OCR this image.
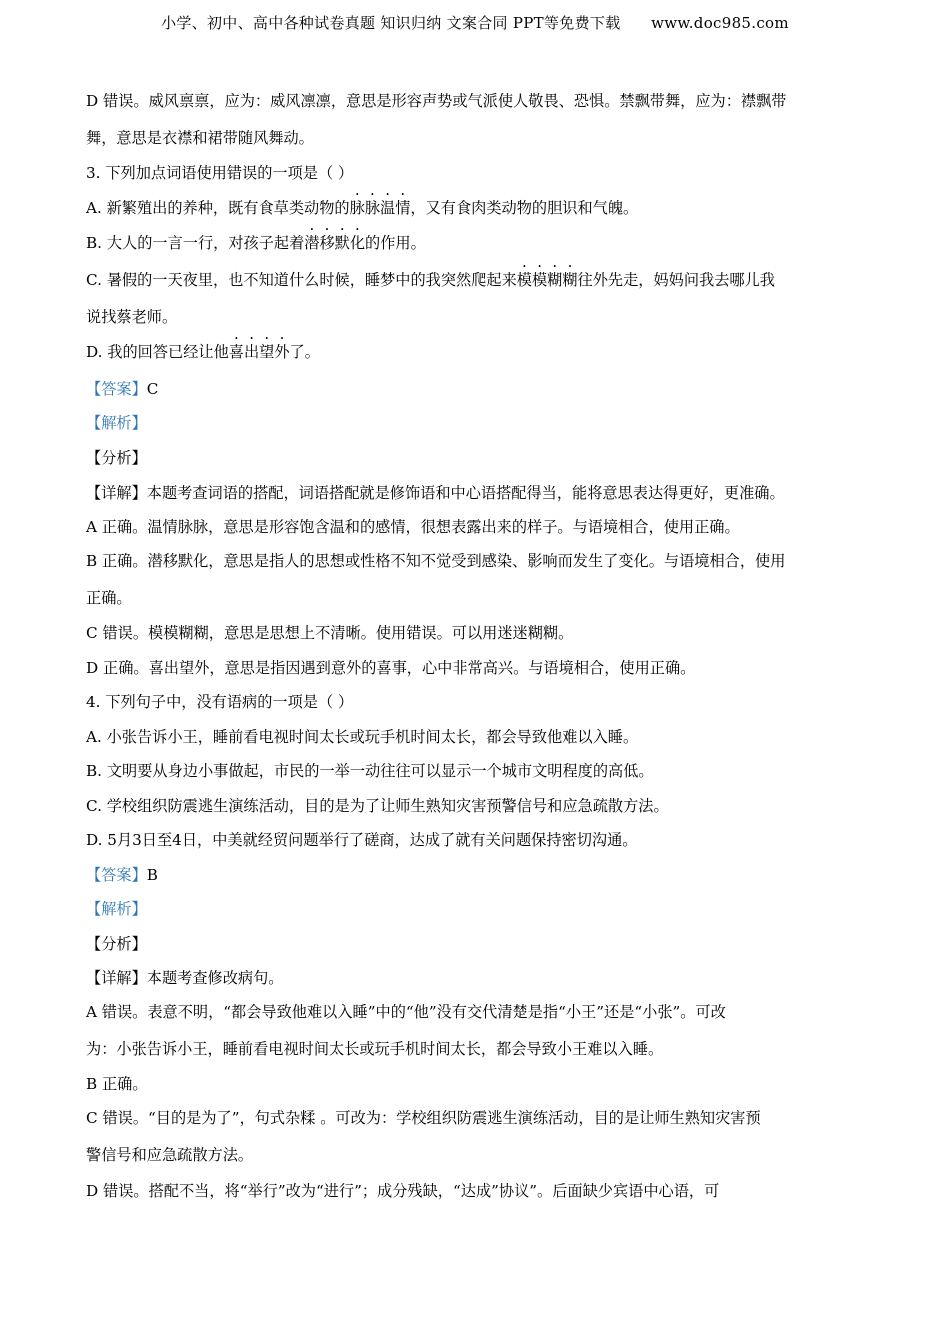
小学、初中、高中各种试卷真题 知识归纳 文案合同 PPT等免费下载　　www.doc985.com
D 错误。威风禀禀，应为：威风凛凛，意思是形容声势或气派使人敬畏、恐惧。禁飘带舞，应为：襟飘带
舞，意思是衣襟和裙带随风舞动。
3. 下列加点词语使用错误的一项是（ ）
A. 新繁殖出的养种，既有食草类动物的脉脉温情，又有食肉类动物的胆识和气魄。
B. 大人的一言一行，对孩子起着潜移默化的作用。
C. 暑假的一天夜里，也不知道什么时候，睡梦中的我突然爬起来模模糊糊往外先走，妈妈问我去哪儿我
说找蔡老师。
D. 我的回答已经让他喜出望外了。
【答案】C
【解析】
【分析】
【详解】本题考查词语的搭配，词语搭配就是修饰语和中心语搭配得当，能将意思表达得更好，更准确。
A 正确。温情脉脉，意思是形容饱含温和的感情，很想表露出来的样子。与语境相合，使用正确。
B 正确。潜移默化，意思是指人的思想或性格不知不觉受到感染、影响而发生了变化。与语境相合，使用
正确。
C 错误。模模糊糊，意思是思想上不清晰。使用错误。可以用迷迷糊糊。
D 正确。喜出望外，意思是指因遇到意外的喜事，心中非常高兴。与语境相合，使用正确。
4. 下列句子中，没有语病的一项是（ ）
A. 小张告诉小王，睡前看电视时间太长或玩手机时间太长，都会导致他难以入睡。
B. 文明要从身边小事做起，市民的一举一动往往可以显示一个城市文明程度的高低。
C. 学校组织防震逃生演练活动，目的是为了让师生熟知灾害预警信号和应急疏散方法。
D. 5月3日至4日，中美就经贸问题举行了磋商，达成了就有关问题保持密切沟通。
【答案】B
【解析】
【分析】
【详解】本题考查修改病句。
A 错误。表意不明，“都会导致他难以入睡”中的“他”没有交代清楚是指“小王”还是“小张”。可改
为：小张告诉小王，睡前看电视时间太长或玩手机时间太长，都会导致小王难以入睡。
B 正确。
C 错误。“目的是为了”，句式杂糅 。可改为：学校组织防震逃生演练活动，目的是让师生熟知灾害预
警信号和应急疏散方法。
D 错误。搭配不当，将“举行”改为“进行”；成分残缺，“达成”协议”。后面缺少宾语中心语，可
